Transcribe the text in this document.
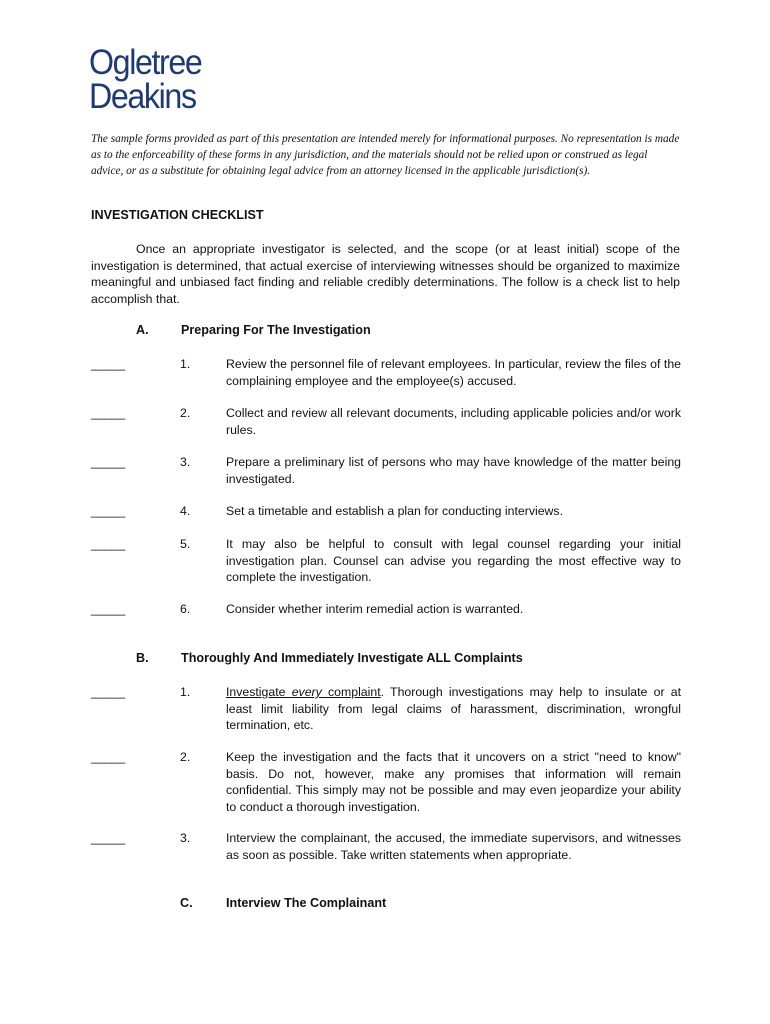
Ogletree
Deakins
The sample forms provided as part of this presentation are intended merely for informational purposes. No representation is made as to the enforceability of these forms in any jurisdiction, and the materials should not be relied upon or construed as legal advice, or as a substitute for obtaining legal advice from an attorney licensed in the applicable jurisdiction(s).
INVESTIGATION CHECKLIST
Once an appropriate investigator is selected, and the scope (or at least initial) scope of the investigation is determined, that actual exercise of interviewing witnesses should be organized to maximize meaningful and unbiased fact finding and reliable credibly determinations. The follow is a check list to help accomplish that.
A.	Preparing For The Investigation
_____	1.	Review the personnel file of relevant employees. In particular, review the files of the complaining employee and the employee(s) accused.
_____	2.	Collect and review all relevant documents, including applicable policies and/or work rules.
_____	3.	Prepare a preliminary list of persons who may have knowledge of the matter being investigated.
_____	4.	Set a timetable and establish a plan for conducting interviews.
_____	5.	It may also be helpful to consult with legal counsel regarding your initial investigation plan. Counsel can advise you regarding the most effective way to complete the investigation.
_____	6.	Consider whether interim remedial action is warranted.
B.	Thoroughly And Immediately Investigate ALL Complaints
_____	1.	Investigate every complaint. Thorough investigations may help to insulate or at least limit liability from legal claims of harassment, discrimination, wrongful termination, etc.
_____	2.	Keep the investigation and the facts that it uncovers on a strict "need to know" basis. Do not, however, make any promises that information will remain confidential. This simply may not be possible and may even jeopardize your ability to conduct a thorough investigation.
_____	3.	Interview the complainant, the accused, the immediate supervisors, and witnesses as soon as possible. Take written statements when appropriate.
C.	Interview The Complainant
